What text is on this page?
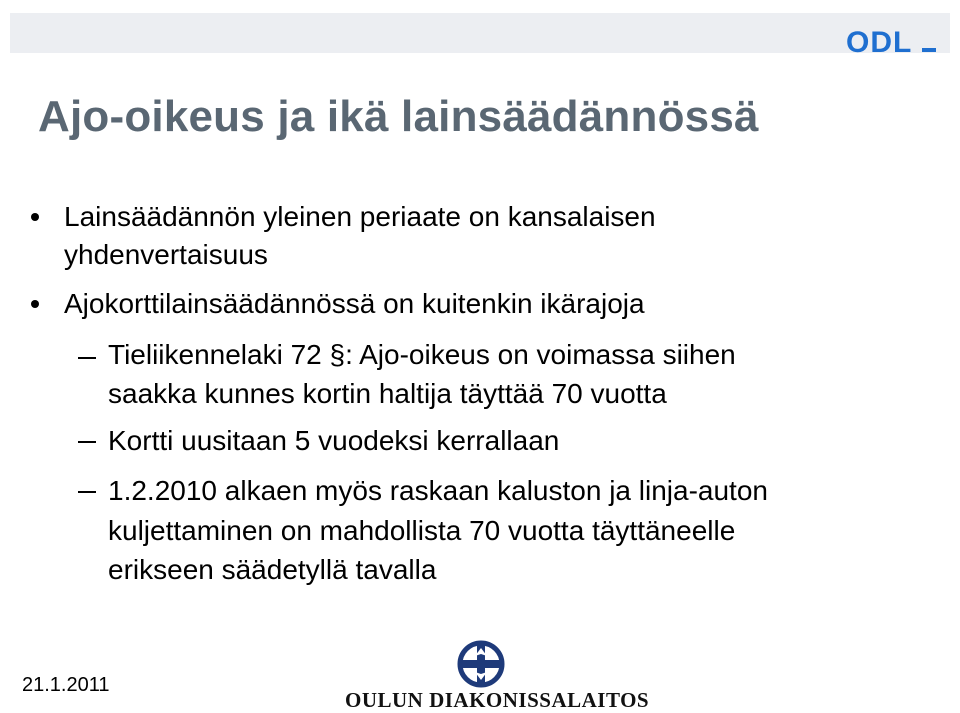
ODL
Ajo-oikeus ja ikä lainsäädännössä
Lainsäädännön yleinen periaate on kansalaisen
yhdenvertaisuus
Ajokorttilainsäädännössä on kuitenkin ikärajoja
Tieliikennelaki 72 §: Ajo-oikeus on voimassa siihen
saakka kunnes kortin haltija täyttää 70 vuotta
Kortti uusitaan 5 vuodeksi kerrallaan
1.2.2010 alkaen myös raskaan kaluston ja linja-auton
kuljettaminen on mahdollista 70 vuotta täyttäneelle
erikseen säädetyllä tavalla
21.1.2011
OULUN DIAKONISSALAITOS
